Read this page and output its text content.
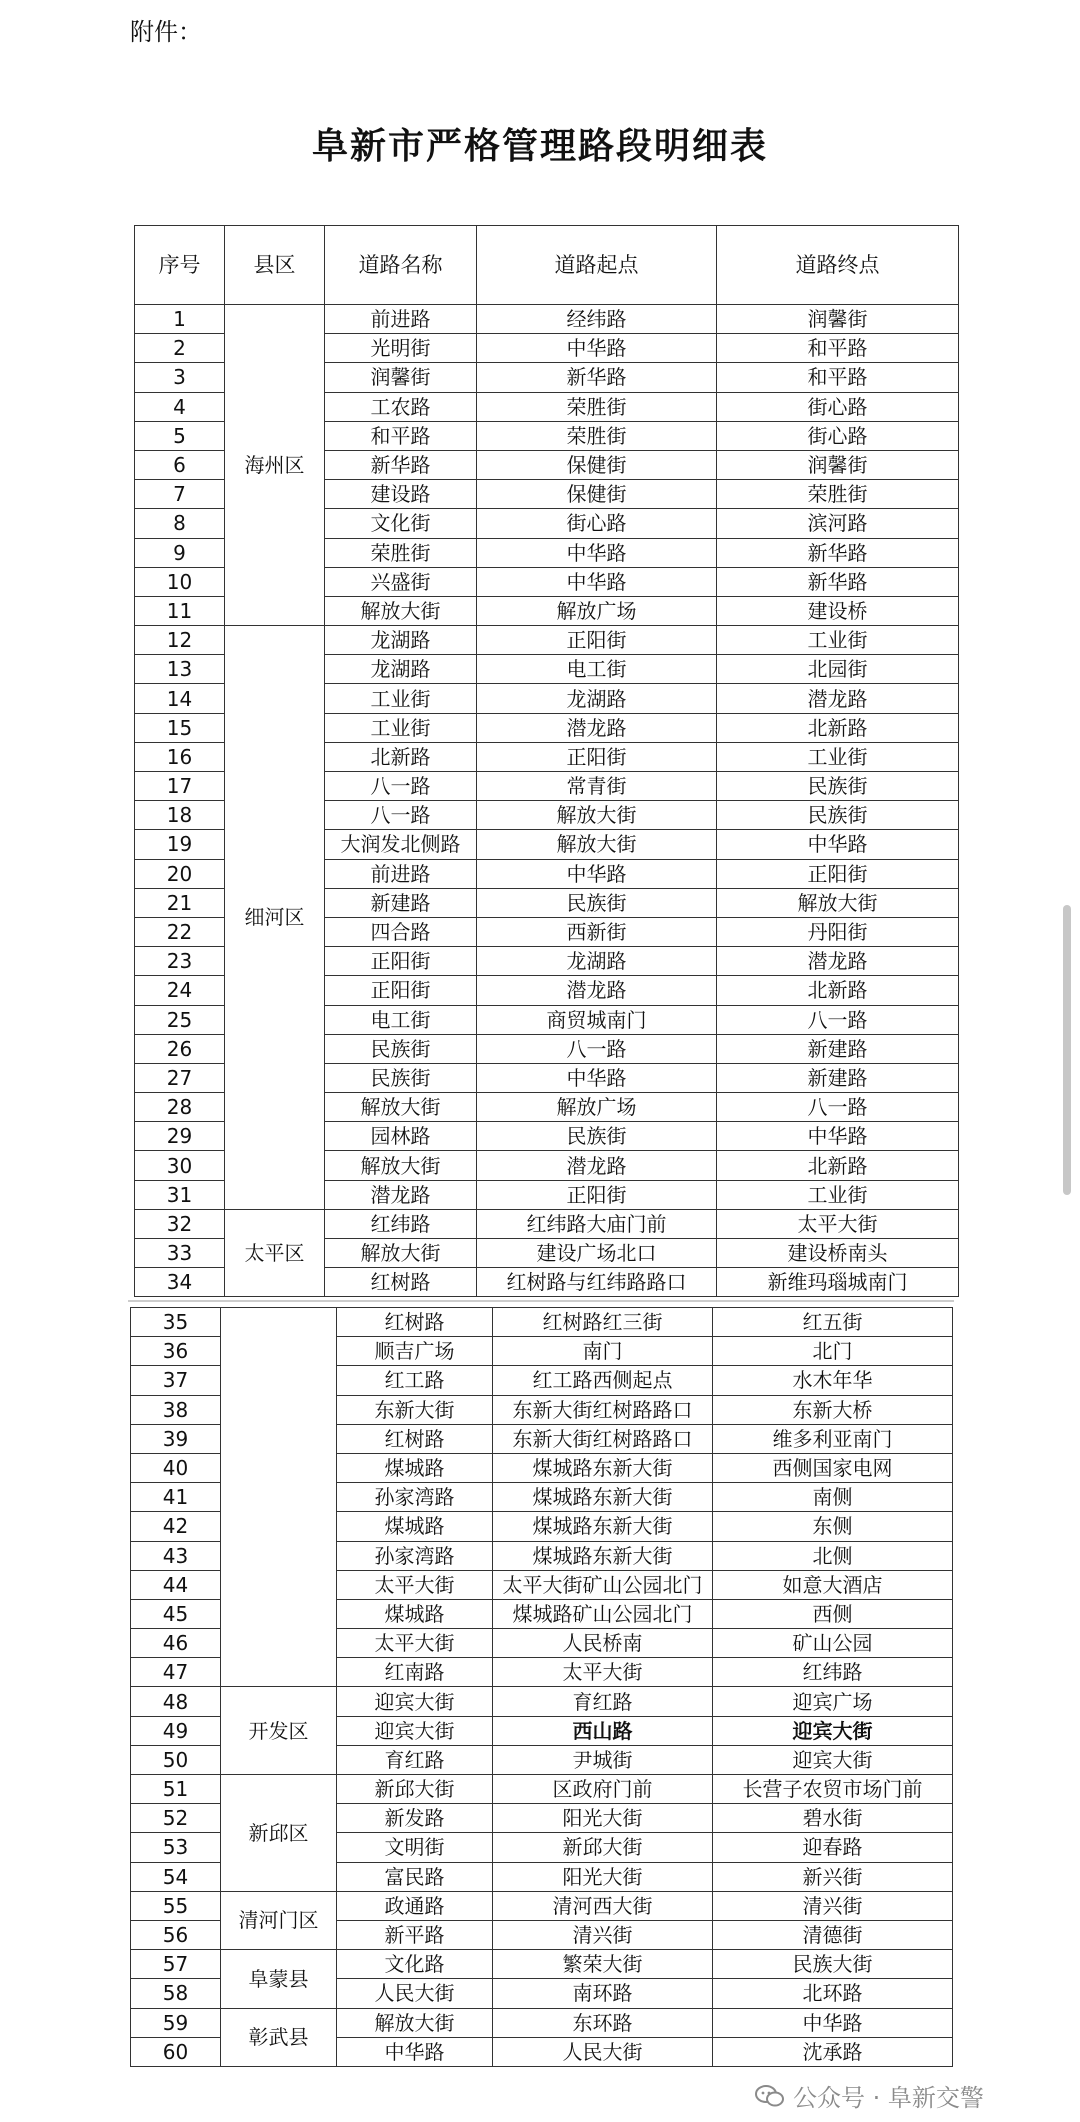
附件：
阜新市严格管理路段明细表
序号	县区	道路名称	道路起点	道路终点
1	海州区	前进路	经纬路	润馨街
2		光明街	中华路	和平路
3		润馨街	新华路	和平路
4		工农路	荣胜街	街心路
5		和平路	荣胜街	街心路
6		新华路	保健街	润馨街
7		建设路	保健街	荣胜街
8		文化街	街心路	滨河路
9		荣胜街	中华路	新华路
10		兴盛街	中华路	新华路
11		解放大街	解放广场	建设桥
12	细河区	龙湖路	正阳街	工业街
13		龙湖路	电工街	北园街
14		工业街	龙湖路	潜龙路
15		工业街	潜龙路	北新路
16		北新路	正阳街	工业街
17		八一路	常青街	民族街
18		八一路	解放大街	民族街
19		大润发北侧路	解放大街	中华路
20		前进路	中华路	正阳街
21		新建路	民族街	解放大街
22		四合路	西新街	丹阳街
23		正阳街	龙湖路	潜龙路
24		正阳街	潜龙路	北新路
25		电工街	商贸城南门	八一路
26		民族街	八一路	新建路
27		民族街	中华路	新建路
28		解放大街	解放广场	八一路
29		园林路	民族街	中华路
30		解放大街	潜龙路	北新路
31		潜龙路	正阳街	工业街
32	太平区	红纬路	红纬路大庙门前	太平大街
33		解放大街	建设广场北口	建设桥南头
34		红树路	红树路与红纬路路口	新维玛瑙城南门
35		红树路	红树路红三街	红五街
36		顺吉广场	南门	北门
37		红工路	红工路西侧起点	水木年华
38		东新大街	东新大街红树路路口	东新大桥
39		红树路	东新大街红树路路口	维多利亚南门
40		煤城路	煤城路东新大街	西侧国家电网
41		孙家湾路	煤城路东新大街	南侧
42		煤城路	煤城路东新大街	东侧
43		孙家湾路	煤城路东新大街	北侧
44		太平大街	太平大街矿山公园北门	如意大酒店
45		煤城路	煤城路矿山公园北门	西侧
46		太平大街	人民桥南	矿山公园
47		红南路	太平大街	红纬路
48	开发区	迎宾大街	育红路	迎宾广场
49		迎宾大街	西山路	迎宾大街
50		育红路	尹城街	迎宾大街
51	新邱区	新邱大街	区政府门前	长营子农贸市场门前
52		新发路	阳光大街	碧水街
53		文明街	新邱大街	迎春路
54		富民路	阳光大街	新兴街
55	清河门区	政通路	清河西大街	清兴街
56		新平路	清兴街	清德街
57	阜蒙县	文化路	繁荣大街	民族大街
58		人民大街	南环路	北环路
59	彰武县	解放大街	东环路	中华路
60		中华路	人民大街	沈承路
公众号 · 阜新交警
